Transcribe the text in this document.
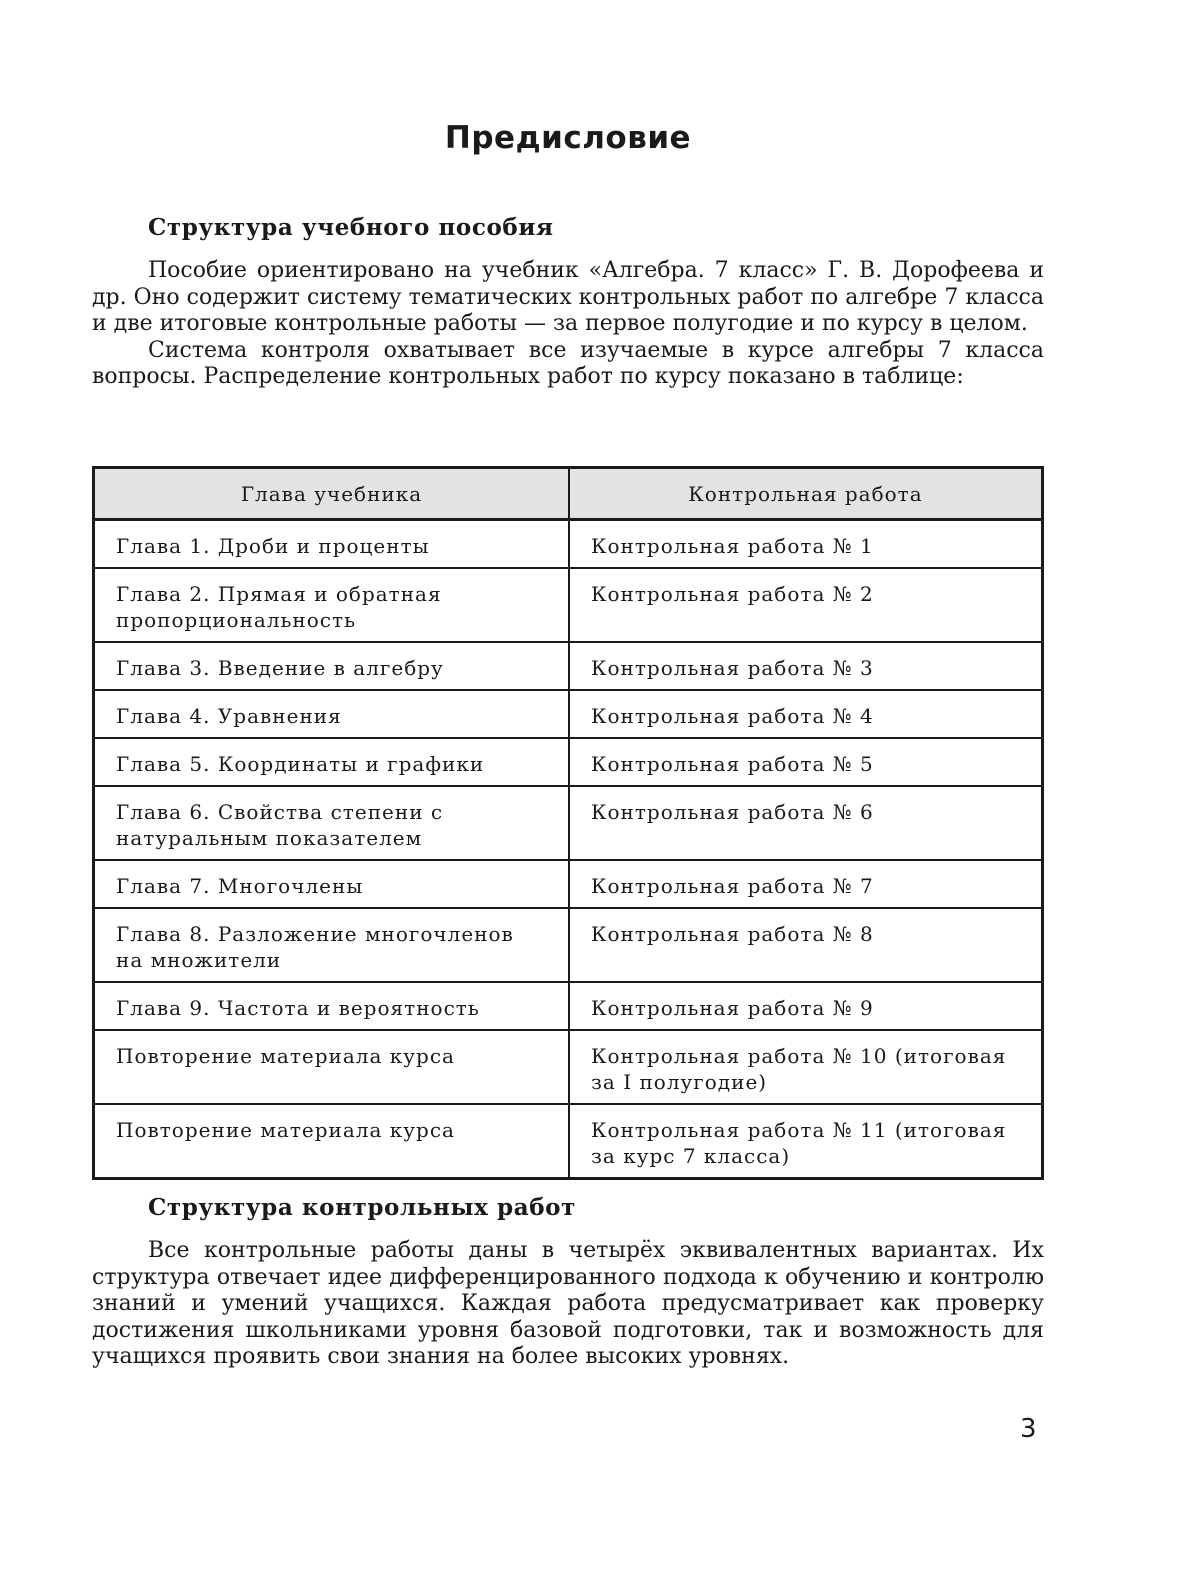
Предисловие
Структура учебного пособия

Пособие ориентировано на учебник «Алгебра. 7 класс» Г. В. Дорофеева и др. Оно содержит систему тематических контрольных работ по алгебре 7 класса и две итоговые контрольные работы — за первое полугодие и по курсу в целом.

Система контроля охватывает все изучаемые в курсе алгебры 7 класса вопросы. Распределение контрольных работ по курсу показано в таблице:

Глава учебника	Контрольная работа
Глава 1. Дроби и проценты	Контрольная работа № 1
Глава 2. Прямая и обратная пропорциональность	Контрольная работа № 2
Глава 3. Введение в алгебру	Контрольная работа № 3
Глава 4. Уравнения	Контрольная работа № 4
Глава 5. Координаты и графики	Контрольная работа № 5
Глава 6. Свойства степени с натуральным показателем	Контрольная работа № 6
Глава 7. Многочлены	Контрольная работа № 7
Глава 8. Разложение многочленов на множители	Контрольная работа № 8
Глава 9. Частота и вероятность	Контрольная работа № 9
Повторение материала курса	Контрольная работа № 10 (итоговая за I полугодие)
Повторение материала курса	Контрольная работа № 11 (итоговая за курс 7 класса)
Структура контрольных работ

Все контрольные работы даны в четырёх эквивалентных вариантах. Их структура отвечает идее дифференцированного подхода к обучению и контролю знаний и умений учащихся. Каждая работа предусматривает как проверку достижения школьниками уровня базовой подготовки, так и возможность для учащихся проявить свои знания на более высоких уровнях.

3
